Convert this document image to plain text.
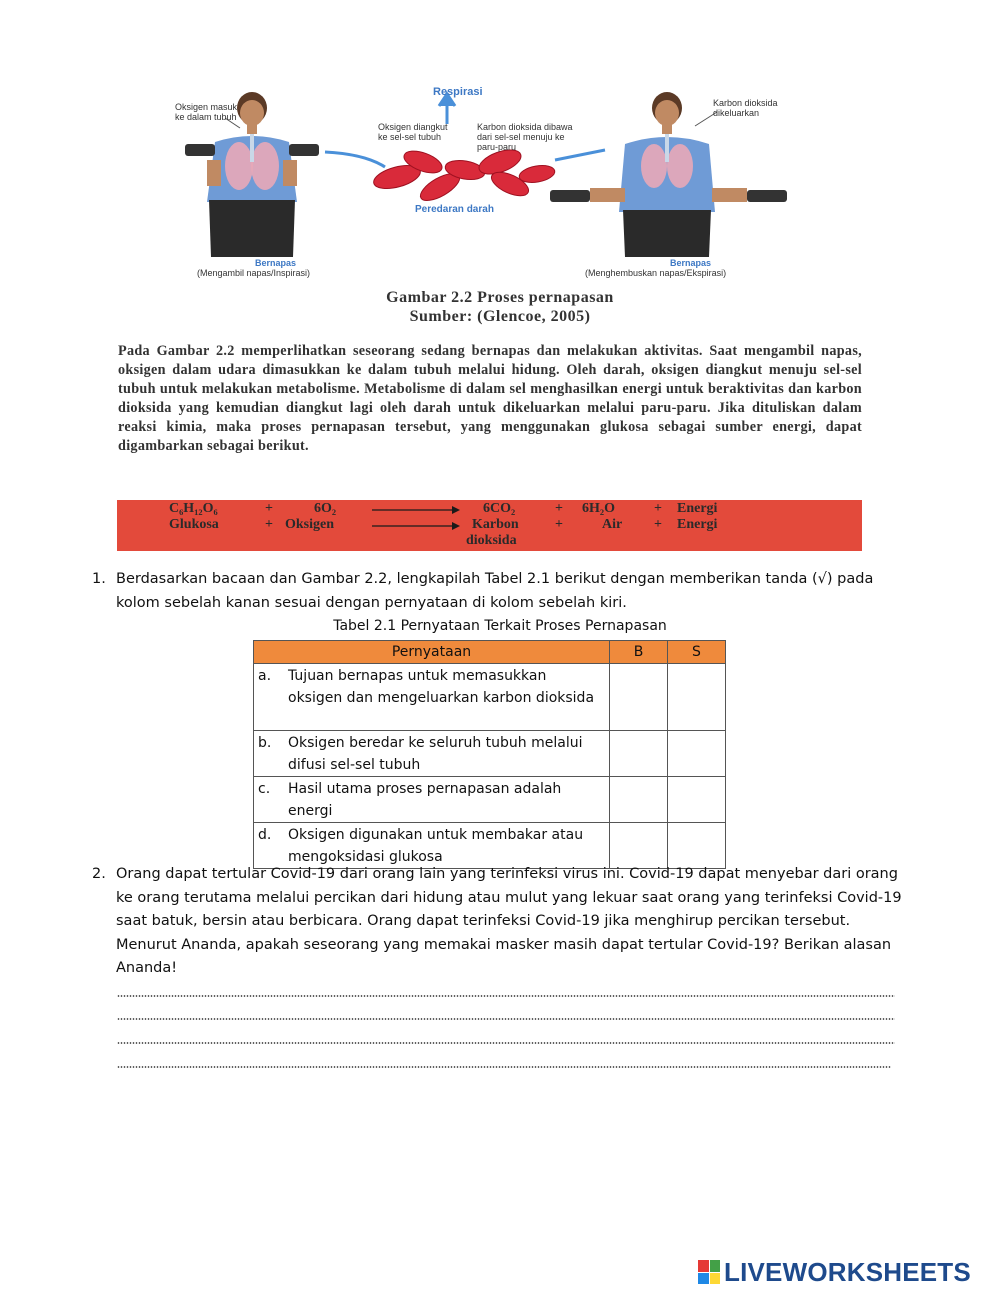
Respirasi
Oksigen masuk
ke dalam tubuh
Oksigen diangkut
ke sel-sel tubuh
Karbon dioksida dibawa
dari sel-sel menuju ke
paru-paru
Karbon dioksida
dikeluarkan
Peredaran darah
Bernapas
(Mengambil napas/Inspirasi)
Bernapas
(Menghembuskan napas/Ekspirasi)
Gambar 2.2 Proses pernapasan
Sumber: (Glencoe, 2005)
Pada Gambar 2.2 memperlihatkan seseorang sedang bernapas dan melakukan aktivitas. Saat mengambil napas, oksigen dalam udara dimasukkan ke dalam tubuh melalui hidung. Oleh darah, oksigen diangkut menuju sel-sel tubuh untuk melakukan metabolisme. Metabolisme di dalam sel menghasilkan energi untuk beraktivitas dan karbon dioksida yang kemudian diangkut lagi oleh darah untuk dikeluarkan melalui paru-paru. Jika dituliskan dalam reaksi kimia, maka proses pernapasan tersebut, yang menggunakan glukosa sebagai sumber energi, dapat digambarkan sebagai berikut.
C₆H₁₂O₆	+	6O₂	6CO₂	+ 6H₂O	+ Energi
Glukosa	+ Oksigen	Karbon	+	Air + Energi
dioksida
1. Berdasarkan bacaan dan Gambar 2.2, lengkapilah Tabel 2.1 berikut dengan memberikan tanda (√) pada kolom sebelah kanan sesuai dengan pernyataan di kolom sebelah kiri.
Tabel 2.1 Pernyataan Terkait Proses Pernapasan
Pernyataan	B	S

a. Tujuan bernapas untuk memasukkan oksigen dan mengeluarkan karbon dioksida		

b. Oksigen beredar ke seluruh tubuh melalui difusi sel-sel tubuh		

c. Hasil utama proses pernapasan adalah energi		

d. Oksigen digunakan untuk membakar atau mengoksidasi glukosa		

2. Orang dapat tertular Covid-19 dari orang lain yang terinfeksi virus ini. Covid-19 dapat menyebar dari orang ke orang terutama melalui percikan dari hidung atau mulut yang lekuar saat orang yang terinfeksi Covid-19 saat batuk, bersin atau berbicara. Orang dapat terinfeksi Covid-19 jika menghirup percikan tersebut. Menurut Ananda, apakah seseorang yang memakai masker masih dapat tertular Covid-19? Berikan alasan Ananda!
LIVEWORKSHEETS
